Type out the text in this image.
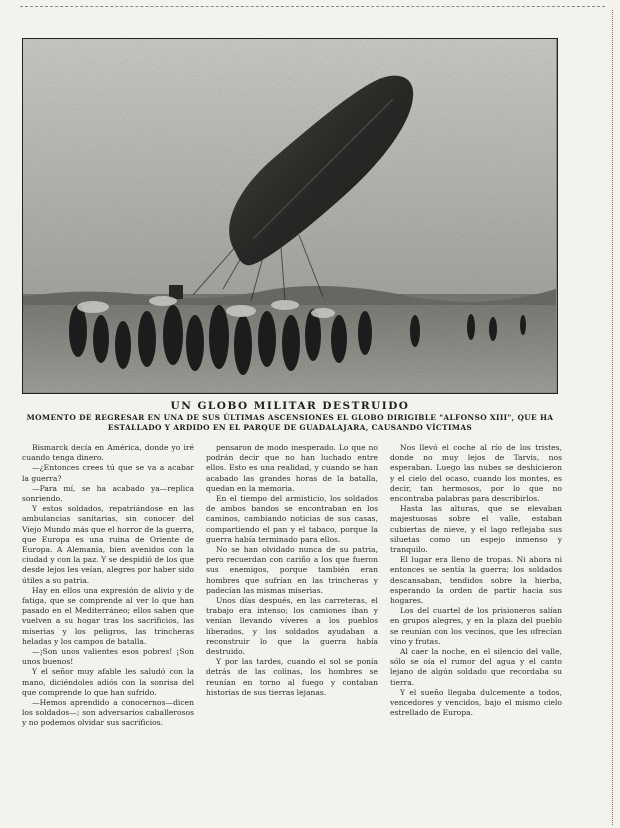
UN GLOBO MILITAR DESTRUIDO
MOMENTO DE REGRESAR EN UNA DE SUS ÚLTIMAS ASCENSIONES EL GLOBO DIRIGIBLE "ALFONSO XIII", QUE HA ESTALLADO Y ARDIDO EN EL PARQUE DE GUADALAJARA, CAUSANDO VÍCTIMAS

Bismarck decía en América, donde yo iré cuando tenga dinero.

—¿Entonces crees tú que se va a acabar la guerra?

—Para mí, se ha acabado ya—replica sonriendo.

Y estos soldados, repatriándose en las ambulancias sanitarias, sin conocer del Viejo Mundo más que el horror de la guerra, que Europa es una ruina de Oriente de Europa. A Alemania, bien avenidos con la ciudad y con la paz. Y se despidió de los que desde lejos les veían, alegres por haber sido útiles a su patria.

Hay en ellos una expresión de alivio y de fatiga, que se comprende al ver lo que han pasado en el Mediterráneo; ellos saben que vuelven a su hogar tras los sacrificios, las miserias y los peligros, las trincheras heladas y los campos de batalla.

—¡Son unos valientes esos pobres! ¡Son unos buenos!

Y el señor muy afable les saludó con la mano, diciéndoles adiós con la sonrisa del que comprende lo que han sufrido.

—Hemos aprendido a conocernos—dicen los soldados—; son adversarios caballerosos y no podemos olvidar sus sacrificios.

pensaron de modo inesperado. Lo que no podrán decir que no han luchado entre ellos. Esto es una realidad, y cuando se han acabado las grandes horas de la batalla, quedan en la memoria.

En el tiempo del armisticio, los soldados de ambos bandos se encontraban en los caminos, cambiando noticias de sus casas, compartiendo el pan y el tabaco, porque la guerra había terminado para ellos.

No se han olvidado nunca de su patria, pero recuerdan con cariño a los que fueron sus enemigos, porque también eran hombres que sufrían en las trincheras y padecían las mismas miserias.

Unos días después, en las carreteras, el trabajo era intenso; los camiones iban y venían llevando víveres a los pueblos liberados, y los soldados ayudaban a reconstruir lo que la guerra había destruido.

Y por las tardes, cuando el sol se ponía detrás de las colinas, los hombres se reunían en torno al fuego y contaban historias de sus tierras lejanas.

Nos llevó el coche al río de los tristes, donde no muy lejos de Tarvis, nos esperaban. Luego las nubes se deshicieron y el cielo del ocaso, cuando los montes, es decir, tan hermosos, por lo que no encontraba palabras para describirlos.

Hasta las alturas, que se elevaban majestuosas sobre el valle, estaban cubiertas de nieve, y el lago reflejaba sus siluetas como un espejo inmenso y tranquilo.

El lugar era lleno de tropas. Ni ahora ni entonces se sentía la guerra; los soldados descansaban, tendidos sobre la hierba, esperando la orden de partir hacia sus hogares.

Los del cuartel de los prisioneros salían en grupos alegres, y en la plaza del pueblo se reunían con los vecinos, que les ofrecían vino y frutas.

Al caer la noche, en el silencio del valle, sólo se oía el rumor del agua y el canto lejano de algún soldado que recordaba su tierra.

Y el sueño llegaba dulcemente a todos, vencedores y vencidos, bajo el mismo cielo estrellado de Europa.
